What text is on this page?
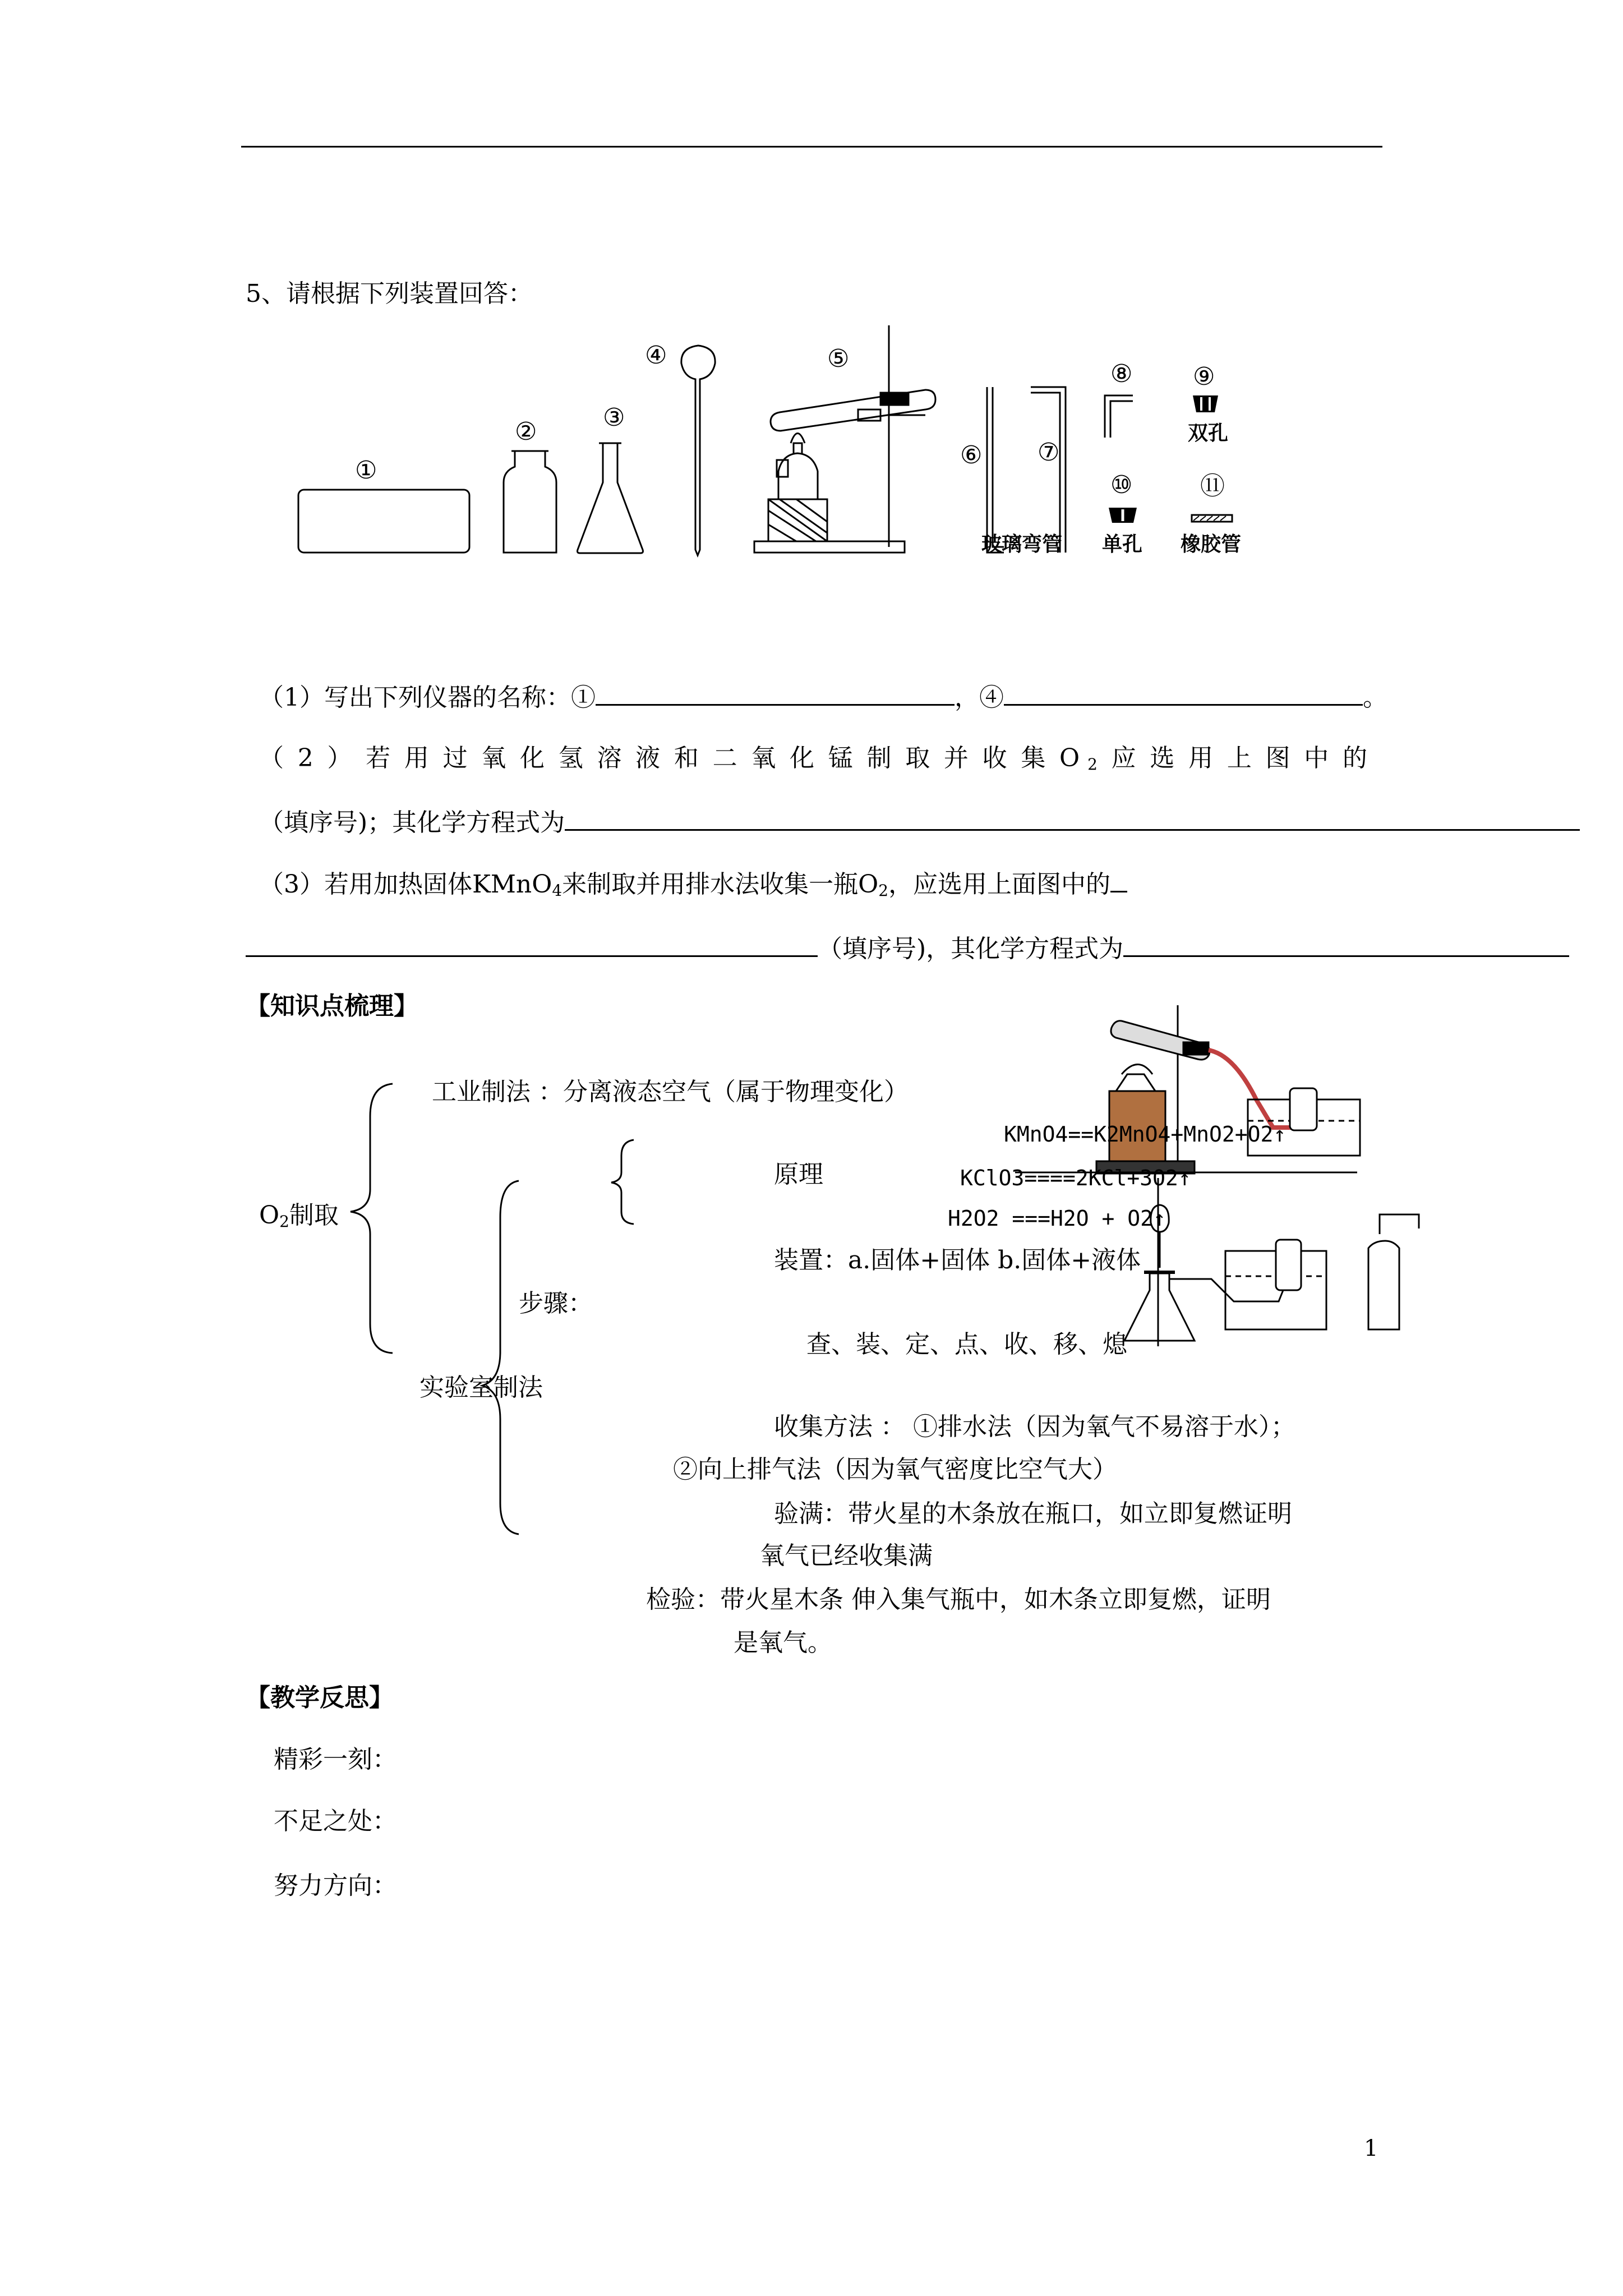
5、请根据下列装置回答：
①
②	③
④	⑤
⑥ ⑦
⑧ ⑨
⑩	⑪
双孔
玻璃弯管 单孔 橡胶管
（1）写出下列仪器的名称：①	，④	。
（2）若用过氧化氢溶液和二氧化锰制取并收集$O_2$应选用上图中的
（填序号)；其化学方程式为
（3）若用加热固体KMnO$_4$来制取并用排水法收集一瓶$O_2$，应选用上面图中的
（填序号)，其化学方程式为
【知识点梳理】
$O_2$制取
工业制法 ：分离液态空气（属于物理变化）
实验室制法
原理
KMnO4==K2MnO4+MnO2+O2↑
KClO3====2KCl+3O2↑
H2O2 ===H2O + O2↑
装置：a.固体+固体 b.固体+液体
步骤：
查、装、定、点、收、移、熄
收集方法 ： ①排水法（因为氧气不易溶于水）；
②向上排气法（因为氧气密度比空气大）
验满：带火星的木条放在瓶口，如立即复燃证明
氧气已经收集满
检验：带火星木条 伸入集气瓶中，如木条立即复燃，证明
是氧气。
【教学反思】
精彩一刻：
不足之处：
努力方向：
1
